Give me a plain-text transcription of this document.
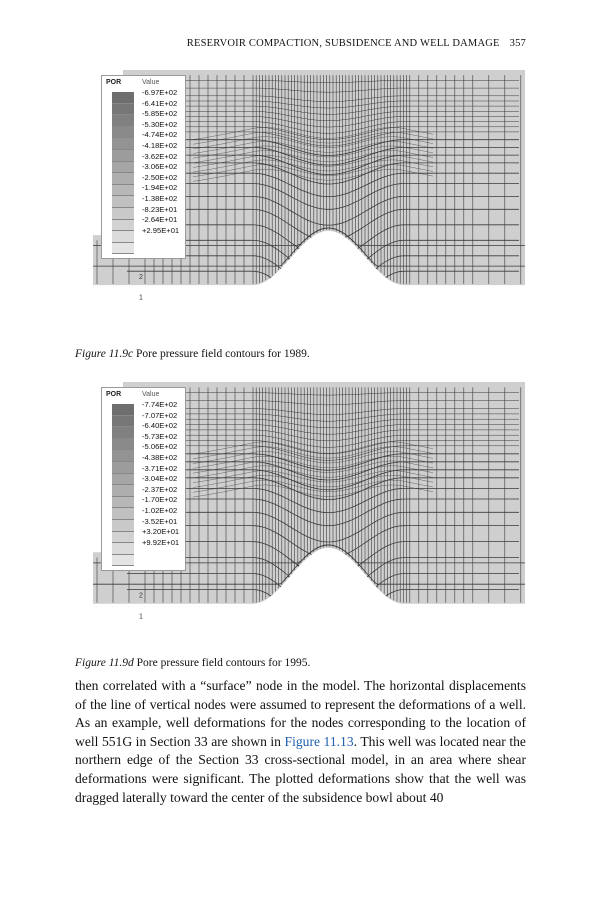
RESERVOIR COMPACTION, SUBSIDENCE AND WELL DAMAGE 357
2
1
POR	Value
-6.97E+02
-6.41E+02
-5.85E+02
-5.30E+02
-4.74E+02
-4.18E+02
-3.62E+02
-3.06E+02
-2.50E+02
-1.94E+02
-1.38E+02
-8.23E+01
-2.64E+01
+2.95E+01
Figure 11.9c Pore pressure field contours for 1989.
2
1
POR	Value
-7.74E+02
-7.07E+02
-6.40E+02
-5.73E+02
-5.06E+02
-4.38E+02
-3.71E+02
-3.04E+02
-2.37E+02
-1.70E+02
-1.02E+02
-3.52E+01
+3.20E+01
+9.92E+01
Figure 11.9d Pore pressure field contours for 1995.

then correlated with a “surface” node in the model. The horizontal displacements of the line of vertical nodes were assumed to represent the deformations of a well. As an example, well deformations for the nodes corresponding to the location of well 551G in Section 33 are shown in Figure 11.13. This well was located near the northern edge of the Section 33 cross-sectional model, in an area where shear deformations were significant. The plotted deformations show that the well was dragged laterally toward the center of the subsidence bowl about 40
